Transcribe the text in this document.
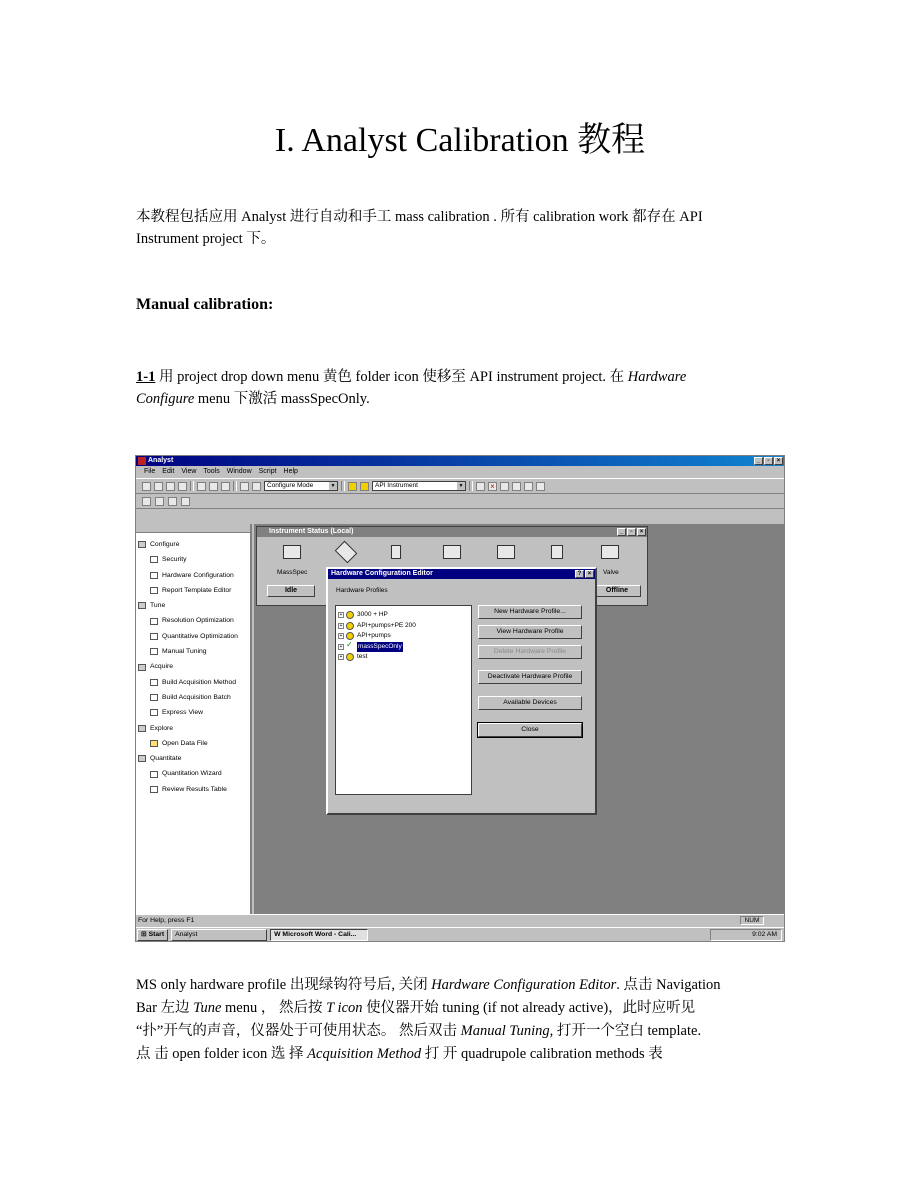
I. Analyst Calibration 教程
本教程包括应用 Analyst 进行自动和手工 mass calibration . 所有 calibration work 都存在 API
Instrument project 下。
Manual calibration:
1-1 用 project drop down menu 黄色 folder icon 使移至 API instrument project. 在 Hardware
Configure menu 下激活 massSpecOnly.
Analyst	_	▫	×
File Edit View Tools Window Script Help
Configure Mode	▼	API Instrument	▼	×
Configure
Security
Hardware Configuration
Report Template Editor
Tune
Resolution Optimization
Quantitative Optimization
Manual Tuning
Acquire
Build Acquisition Method
Build Acquisition Batch
Express View
Explore
Open Data File
Quantitate
Quantitation Wizard
Review Results Table
Instrument Status (Local)	_	▫	×
MassSpec	Valve
Idle	Offline
Hardware Configuration Editor	?	×
Hardware Profiles
+ 3000 + HP
+ API+pumps+PE 200
+ API+pumps
+
✓ massSpecOnly
+ test
New Hardware Profile...
View Hardware Profile
Delete Hardware Profile
Deactivate Hardware Profile
Available Devices
Close
For Help, press F1	NUM
⊞ Start	Analyst	W Microsoft Word - Cali...	9:02 AM
MS only hardware profile 出现绿钩符号后, 关闭 Hardware Configuration Editor. 点击 Navigation
Bar 左边 Tune menu ， 然后按 T icon 使仪器开始 tuning (if not already active)，此时应听见
“扑”开气的声音，仪器处于可使用状态。 然后双击 Manual Tuning, 打开一个空白 template.
点 击 open folder icon 选 择 Acquisition Method 打 开 quadrupole calibration methods 表
